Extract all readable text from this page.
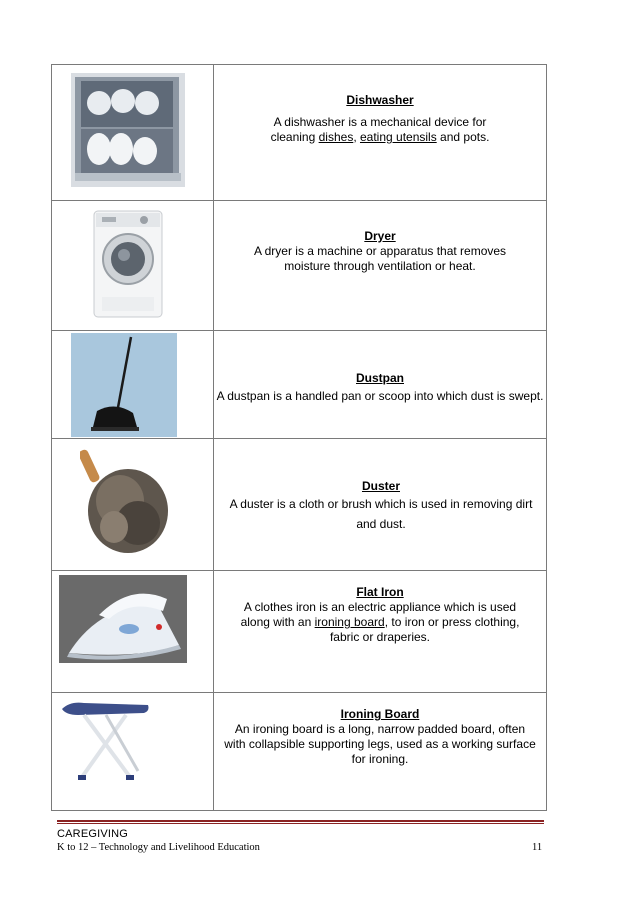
Dishwasher
A dishwasher is a mechanical device for
cleaning dishes, eating utensils and pots.
Dryer
A dryer is a machine or apparatus that removes moisture through ventilation or heat.
Dustpan
A dustpan is a handled pan or scoop into which dust is swept.
Duster
A duster is a cloth or brush which is used in removing dirt and dust.
Flat Iron
A clothes iron is an electric appliance which is used along with an ironing board, to iron or press clothing, fabric or draperies.
Ironing Board
An ironing board is a long, narrow padded board, often with collapsible supporting legs, used as a working surface for ironing.
CAREGIVING
K to 12 – Technology and Livelihood Education	11
